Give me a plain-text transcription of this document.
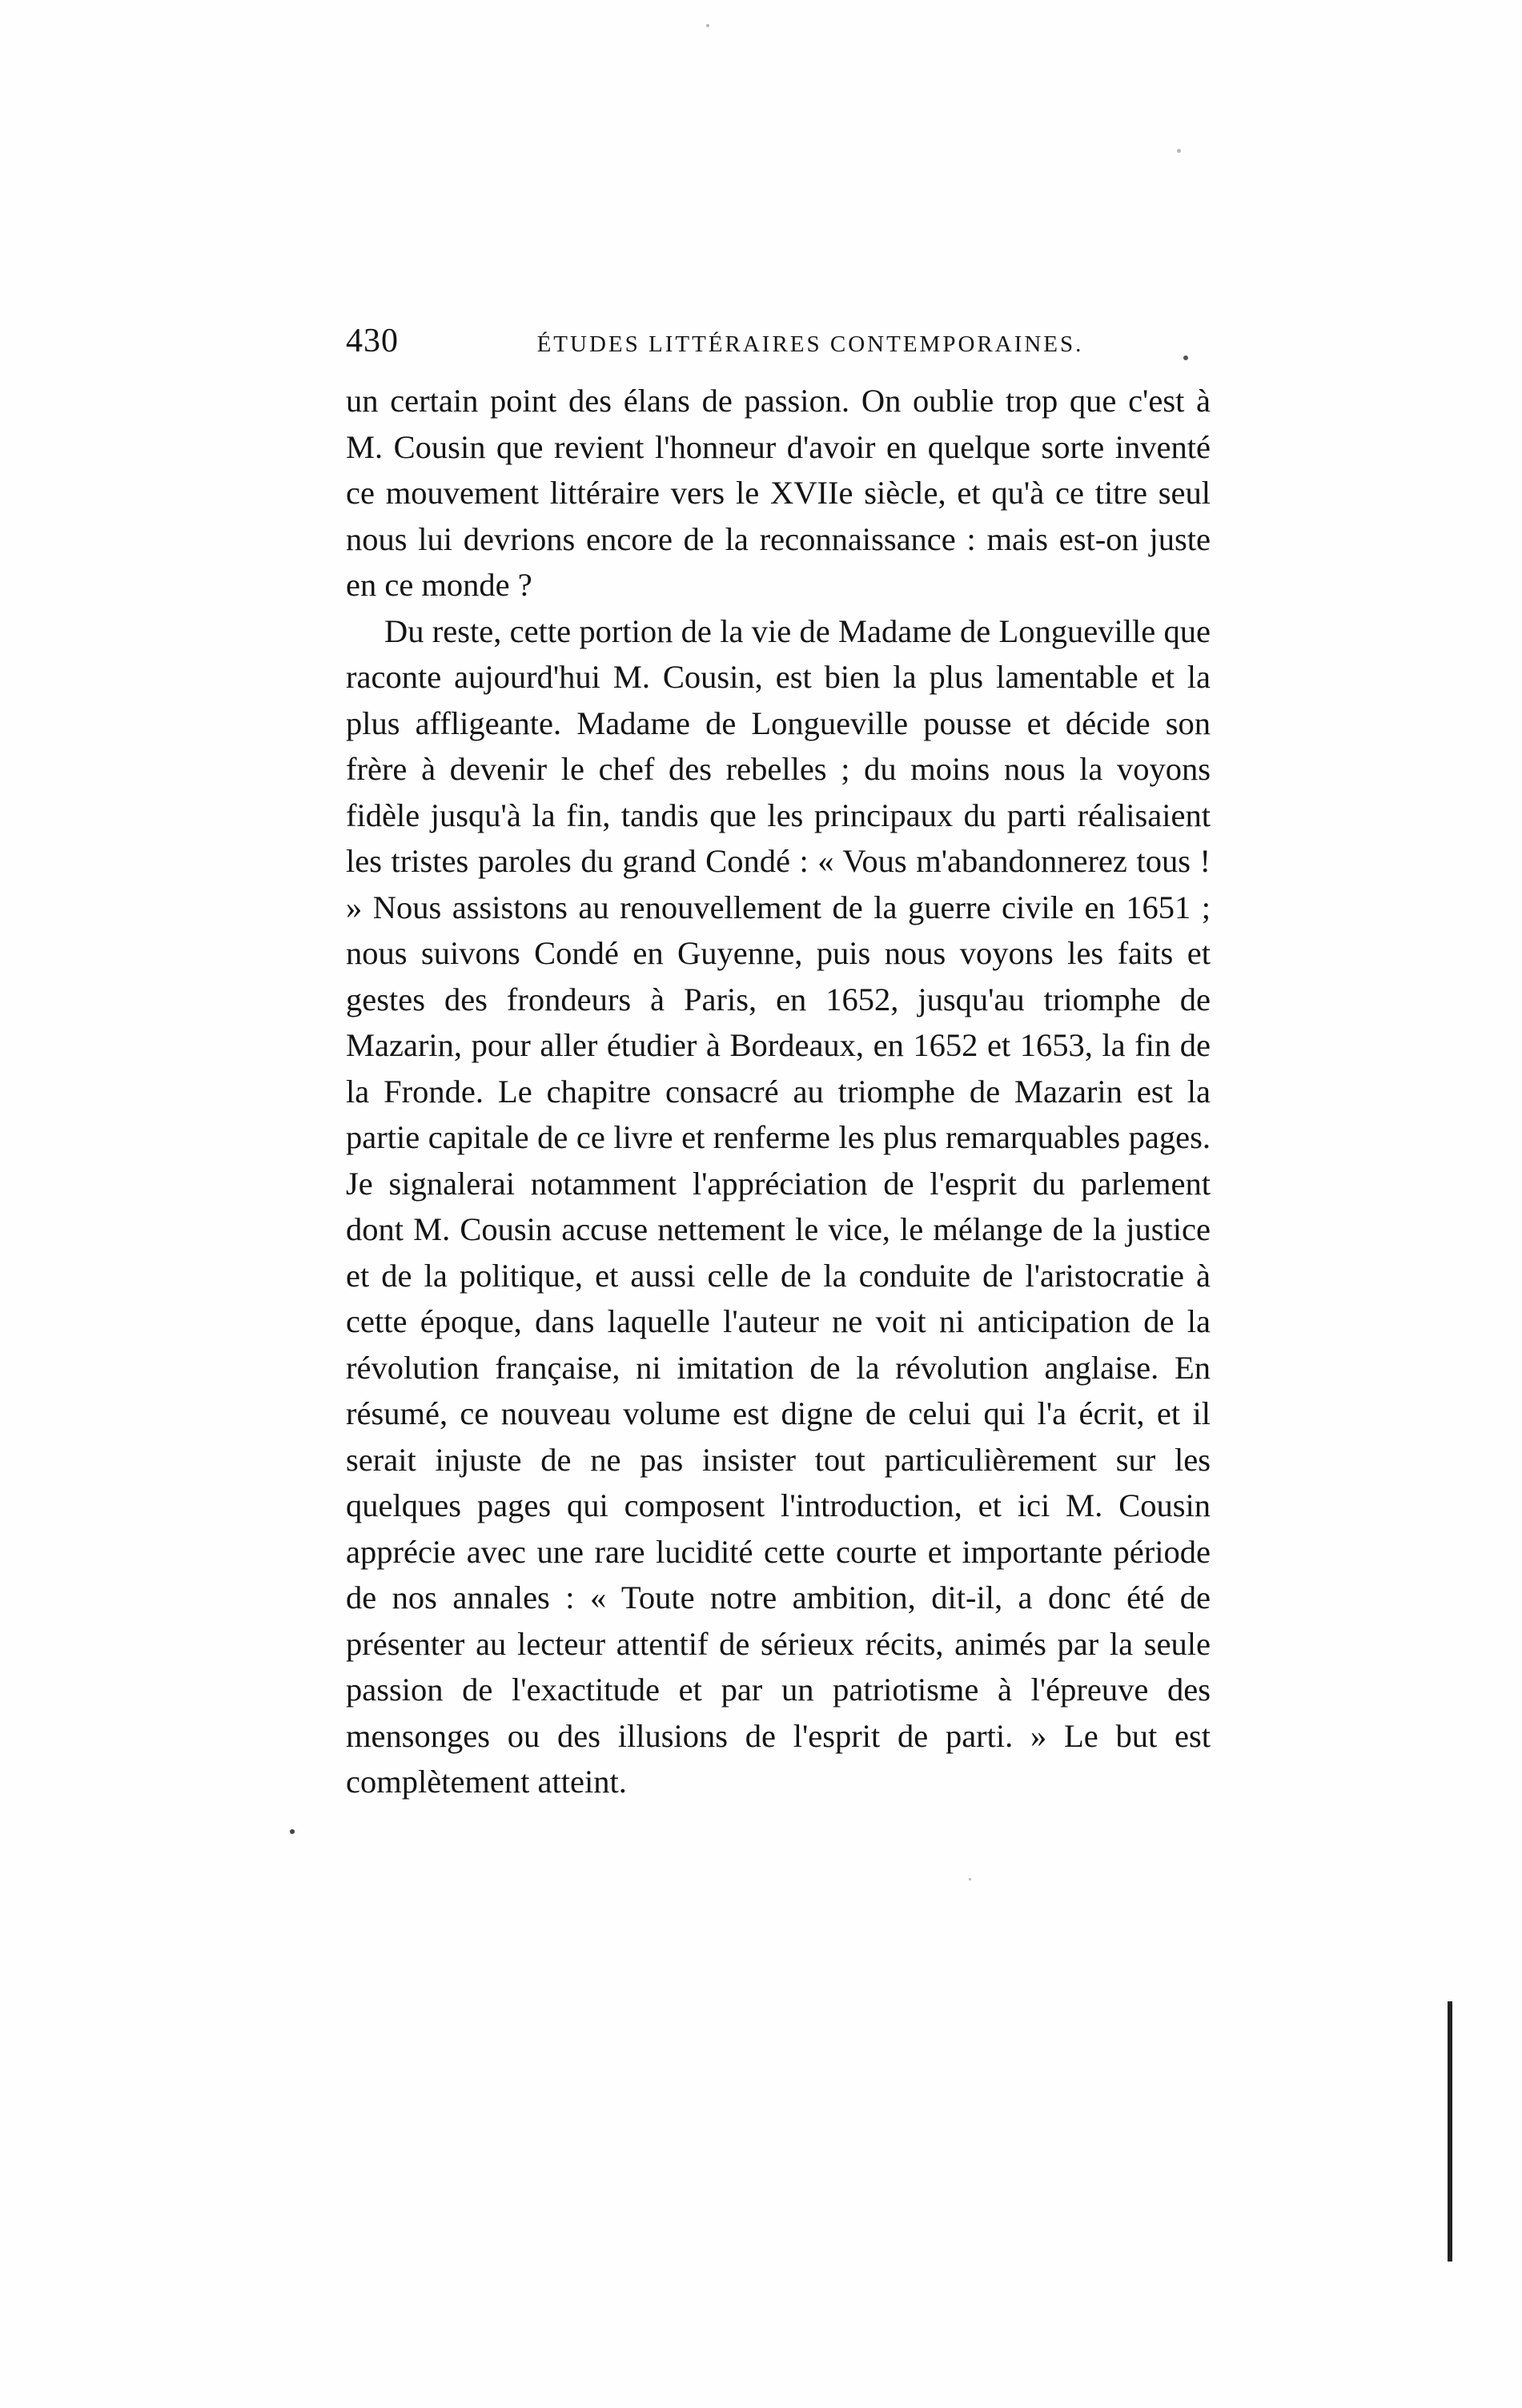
430	ÉTUDES LITTÉRAIRES CONTEMPORAINES.

un certain point des élans de passion. On oublie trop que c'est à M. Cousin que revient l'honneur d'avoir en quelque sorte inventé ce mouvement littéraire vers le XVIIe siècle, et qu'à ce titre seul nous lui devrions encore de la reconnaissance : mais est-on juste en ce monde ?

Du reste, cette portion de la vie de Madame de Longueville que raconte aujourd'hui M. Cousin, est bien la plus lamentable et la plus affligeante. Madame de Longueville pousse et décide son frère à devenir le chef des rebelles ; du moins nous la voyons fidèle jusqu'à la fin, tandis que les principaux du parti réalisaient les tristes paroles du grand Condé : « Vous m'abandonnerez tous ! » Nous assistons au renouvellement de la guerre civile en 1651 ; nous suivons Condé en Guyenne, puis nous voyons les faits et gestes des frondeurs à Paris, en 1652, jusqu'au triomphe de Mazarin, pour aller étudier à Bordeaux, en 1652 et 1653, la fin de la Fronde. Le chapitre consacré au triomphe de Mazarin est la partie capitale de ce livre et renferme les plus remarquables pages. Je signalerai notamment l'appréciation de l'esprit du parlement dont M. Cousin accuse nettement le vice, le mélange de la justice et de la politique, et aussi celle de la conduite de l'aristocratie à cette époque, dans laquelle l'auteur ne voit ni anticipation de la révolution française, ni imitation de la révolution anglaise. En résumé, ce nouveau volume est digne de celui qui l'a écrit, et il serait injuste de ne pas insister tout particulièrement sur les quelques pages qui composent l'introduction, et ici M. Cousin apprécie avec une rare lucidité cette courte et importante période de nos annales : « Toute notre ambition, dit-il, a donc été de présenter au lecteur attentif de sérieux récits, animés par la seule passion de l'exactitude et par un patriotisme à l'épreuve des mensonges ou des illusions de l'esprit de parti. » Le but est complètement atteint.
